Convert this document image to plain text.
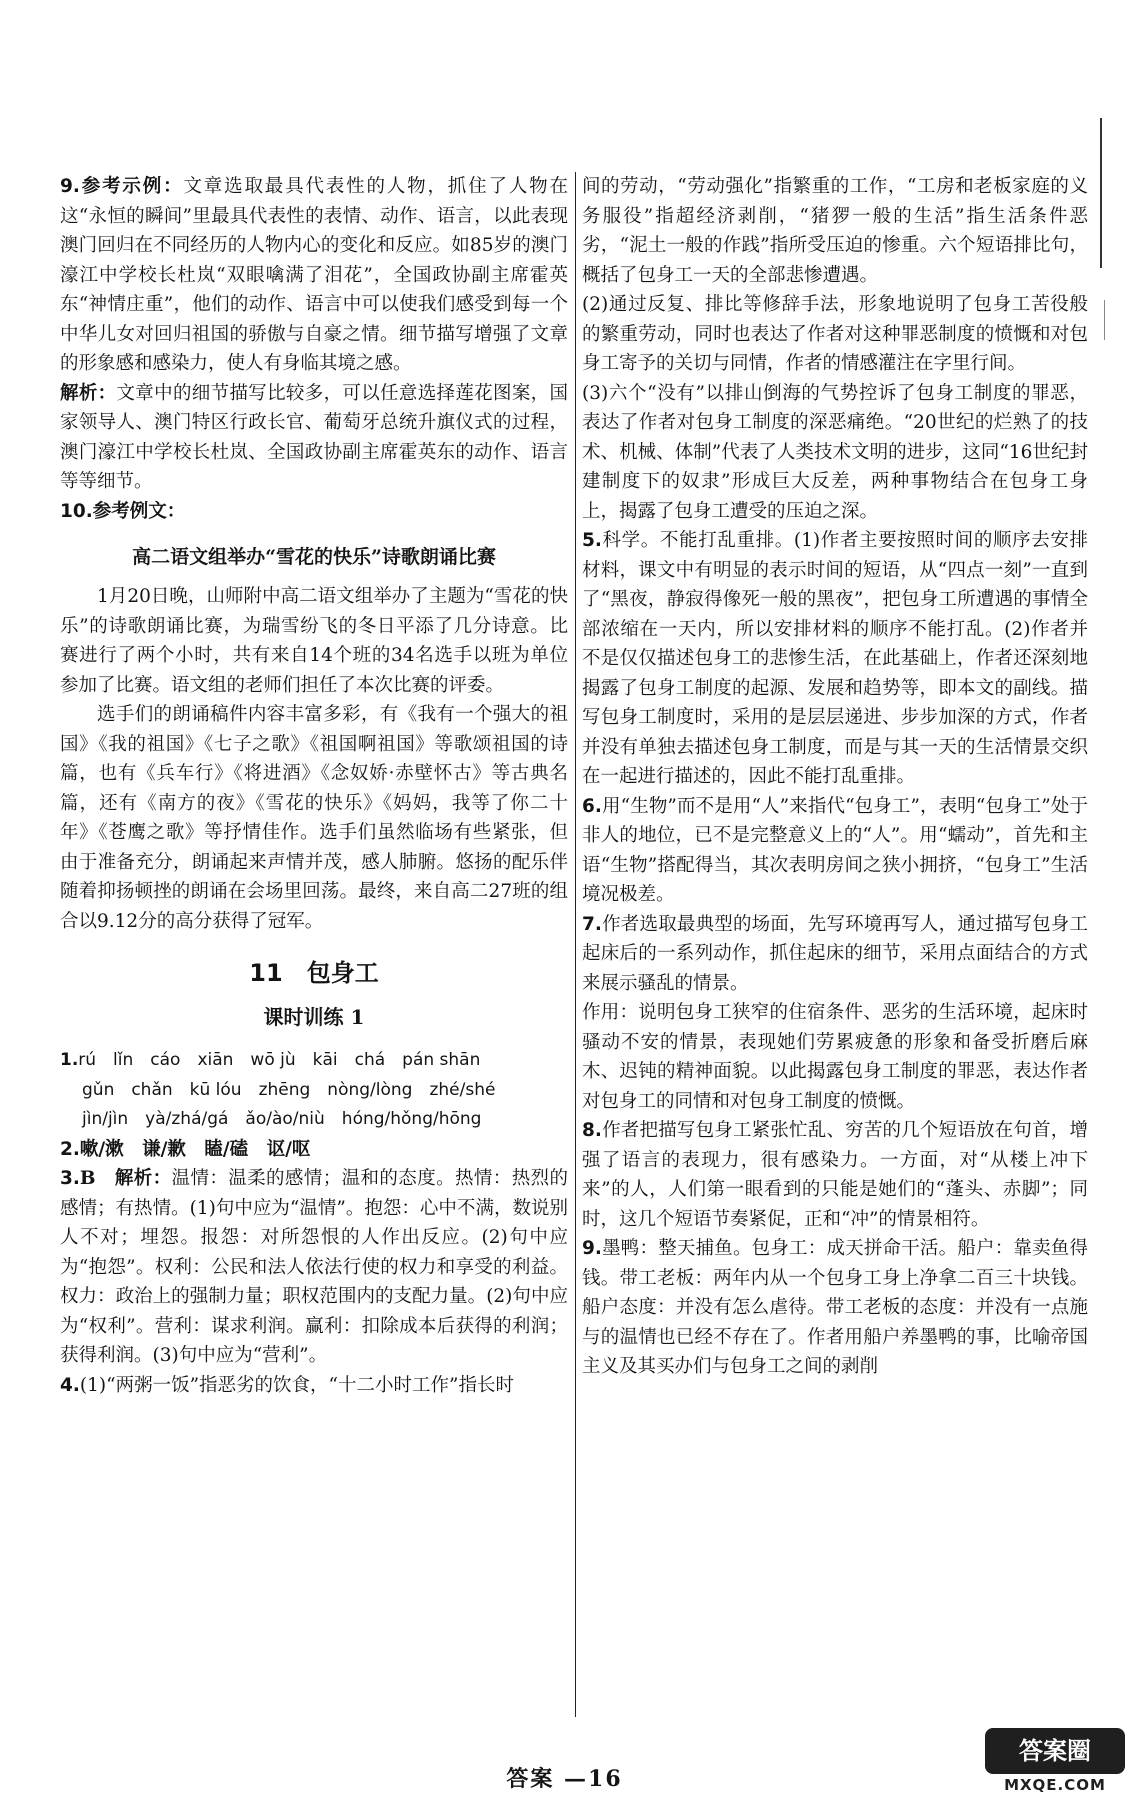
9.参考示例：文章选取最具代表性的人物，抓住了人物在这“永恒的瞬间”里最具代表性的表情、动作、语言，以此表现澳门回归在不同经历的人物内心的变化和反应。如85岁的澳门濠江中学校长杜岚“双眼噙满了泪花”，全国政协副主席霍英东“神情庄重”，他们的动作、语言中可以使我们感受到每一个中华儿女对回归祖国的骄傲与自豪之情。细节描写增强了文章的形象感和感染力，使人有身临其境之感。

解析：文章中的细节描写比较多，可以任意选择莲花图案，国家领导人、澳门特区行政长官、葡萄牙总统升旗仪式的过程，澳门濠江中学校长杜岚、全国政协副主席霍英东的动作、语言等等细节。

10.参考例文：

高二语文组举办“雪花的快乐”诗歌朗诵比赛

1月20日晚，山师附中高二语文组举办了主题为“雪花的快乐”的诗歌朗诵比赛，为瑞雪纷飞的冬日平添了几分诗意。比赛进行了两个小时，共有来自14个班的34名选手以班为单位参加了比赛。语文组的老师们担任了本次比赛的评委。

选手们的朗诵稿件内容丰富多彩，有《我有一个强大的祖国》《我的祖国》《七子之歌》《祖国啊祖国》等歌颂祖国的诗篇，也有《兵车行》《将进酒》《念奴娇·赤壁怀古》等古典名篇，还有《南方的夜》《雪花的快乐》《妈妈，我等了你二十年》《苍鹰之歌》等抒情佳作。选手们虽然临场有些紧张，但由于准备充分，朗诵起来声情并茂，感人肺腑。悠扬的配乐伴随着抑扬顿挫的朗诵在会场里回荡。最终，来自高二27班的组合以9.12分的高分获得了冠军。

11　包身工

课时训练 1

1.rú　lǐn　cáo　xiān　wō jù　kāi　chá　pán shān
gǔn　chǎn　kū lóu　zhēng　nòng/lòng　zhé/shé
jìn/jìn　yà/zhá/gá　ǎo/ào/niù　hóng/hǒng/hōng

2.嗽/漱　谦/歉　瞌/磕　讴/呕

3.B　解析：温情：温柔的感情；温和的态度。热情：热烈的感情；有热情。(1)句中应为“温情”。抱怨：心中不满，数说别人不对；埋怨。报怨：对所怨恨的人作出反应。(2)句中应为“抱怨”。权利：公民和法人依法行使的权力和享受的利益。权力：政治上的强制力量；职权范围内的支配力量。(2)句中应为“权利”。营利：谋求利润。赢利：扣除成本后获得的利润；获得利润。(3)句中应为“营利”。

4.(1)“两粥一饭”指恶劣的饮食，“十二小时工作”指长时

间的劳动，“劳动强化”指繁重的工作，“工房和老板家庭的义务服役”指超经济剥削，“猪猡一般的生活”指生活条件恶劣，“泥土一般的作践”指所受压迫的惨重。六个短语排比句，概括了包身工一天的全部悲惨遭遇。

(2)通过反复、排比等修辞手法，形象地说明了包身工苦役般的繁重劳动，同时也表达了作者对这种罪恶制度的愤慨和对包身工寄予的关切与同情，作者的情感灌注在字里行间。

(3)六个“没有”以排山倒海的气势控诉了包身工制度的罪恶，表达了作者对包身工制度的深恶痛绝。“20世纪的烂熟了的技术、机械、体制”代表了人类技术文明的进步，这同“16世纪封建制度下的奴隶”形成巨大反差，两种事物结合在包身工身上，揭露了包身工遭受的压迫之深。

5.科学。不能打乱重排。(1)作者主要按照时间的顺序去安排材料，课文中有明显的表示时间的短语，从“四点一刻”一直到了“黑夜，静寂得像死一般的黑夜”，把包身工所遭遇的事情全部浓缩在一天内，所以安排材料的顺序不能打乱。(2)作者并不是仅仅描述包身工的悲惨生活，在此基础上，作者还深刻地揭露了包身工制度的起源、发展和趋势等，即本文的副线。描写包身工制度时，采用的是层层递进、步步加深的方式，作者并没有单独去描述包身工制度，而是与其一天的生活情景交织在一起进行描述的，因此不能打乱重排。

6.用“生物”而不是用“人”来指代“包身工”，表明“包身工”处于非人的地位，已不是完整意义上的“人”。用“蠕动”，首先和主语“生物”搭配得当，其次表明房间之狭小拥挤，“包身工”生活境况极差。

7.作者选取最典型的场面，先写环境再写人，通过描写包身工起床后的一系列动作，抓住起床的细节，采用点面结合的方式来展示骚乱的情景。

作用：说明包身工狭窄的住宿条件、恶劣的生活环境，起床时骚动不安的情景，表现她们劳累疲惫的形象和备受折磨后麻木、迟钝的精神面貌。以此揭露包身工制度的罪恶，表达作者对包身工的同情和对包身工制度的愤慨。

8.作者把描写包身工紧张忙乱、穷苦的几个短语放在句首，增强了语言的表现力，很有感染力。一方面，对“从楼上冲下来”的人，人们第一眼看到的只能是她们的“蓬头、赤脚”；同时，这几个短语节奏紧促，正和“冲”的情景相符。

9.墨鸭：整天捕鱼。包身工：成天拼命干活。船户：靠卖鱼得钱。带工老板：两年内从一个包身工身上净拿二百三十块钱。船户态度：并没有怎么虐待。带工老板的态度：并没有一点施与的温情也已经不存在了。作者用船户养墨鸭的事，比喻帝国主义及其买办们与包身工之间的剥削

答案 —16
答案圈
MXQE.COM
